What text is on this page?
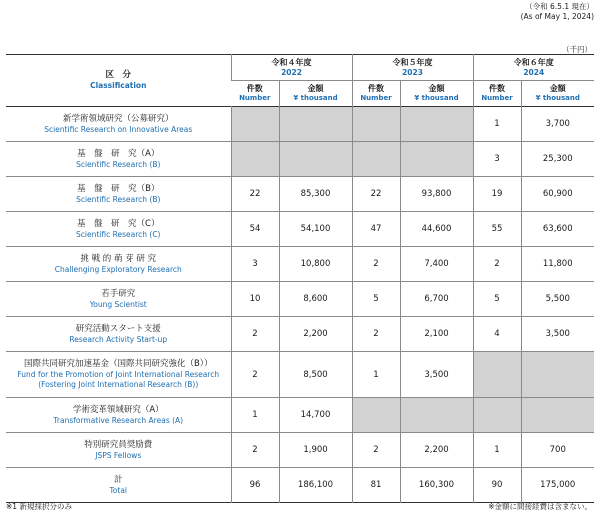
（令和 6.5.1 現在）
(As of May 1, 2024)
（千円）
区　分
Classification	令和４年度
2022		令和５年度
2023		令和６年度
2024	

	件数
Number	金額
¥ thousand	件数
Number	金額
¥ thousand	件数
Number	金額
¥ thousand

新学術領域研究（公募研究）
Scientific Research on Innovative Areas					1	3,700

基　盤　研　究（A）
Scientific Research (B)					3	25,300

基　盤　研　究（B）
Scientific Research (B)	22	85,300	22	93,800	19	60,900

基　盤　研　究（C）
Scientific Research (C)	54	54,100	47	44,600	55	63,600

挑 戦 的 萌 芽 研 究
Challenging Exploratory Research	3	10,800	2	7,400	2	11,800

若手研究
Young Scientist	10	8,600	5	6,700	5	5,500

研究活動スタート支援
Research Activity Start-up	2	2,200	2	2,100	4	3,500

国際共同研究加速基金（国際共同研究強化（B））
Fund for the Promotion of Joint International Research
(Fostering Joint International Research (B))	2	8,500	1	3,500		

学術変革領域研究（A）
Transformative Research Areas (A)	1	14,700				

特別研究員奨励費
JSPS Fellows	2	1,900	2	2,200	1	700

計
Total	96	186,100	81	160,300	90	175,000
※1 新規採択分のみ	※金額に間接経費は含まない。
